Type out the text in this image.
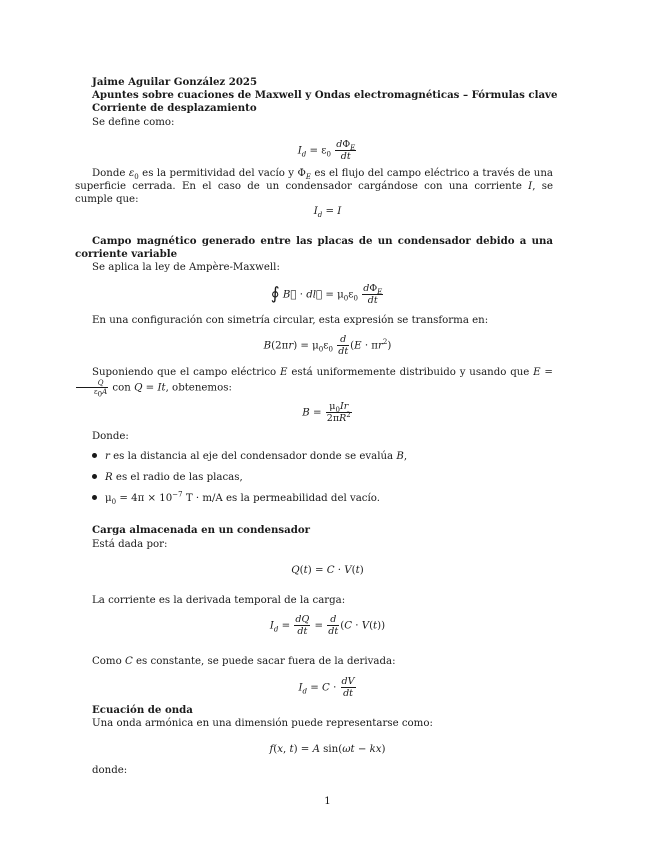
Jaime Aguilar González 2025
Apuntes sobre cuaciones de Maxwell y Ondas electromagnéticas – Fórmulas clave
Corriente de desplazamiento
Se define como:
$I_d = \varepsilon_0 \frac{d\Phi_E}{dt}$
Donde $\varepsilon_0$ es la permitividad del vacío y $\Phi_E$ es el flujo del campo eléctrico a través de una superficie cerrada. En el caso de un condensador cargándose con una corriente I, se cumple que:
$I_d = I$
Campo magnético generado entre las placas de un condensador debido a una corriente variable
Se aplica la ley de Ampère-Maxwell:
∮ B⃗ · dl⃗ = $\mu_0\varepsilon_0 \frac{d\Phi_E}{dt}$
En una configuración con simetría circular, esta expresión se transforma en:
$B(2\pi r) = \mu_0\varepsilon_0 \frac{d}{dt} (E \cdot \pi r^2)$
Suponiendo que el campo eléctrico E está uniformemente distribuido y usando que E =
$\frac{Q}{\varepsilon_0A}$ con Q = It, obtenemos:
$B = \frac{\mu_0Ir}{2\pi R^2}$
Donde:
r es la distancia al eje del condensador donde se evalúa B,
R es el radio de las placas,
$\mu_0 = 4\pi \times 10^{-7}$ T · m/A es la permeabilidad del vacío.
Carga almacenada en un condensador
Está dada por:
Q(t) = C · V(t)
La corriente es la derivada temporal de la carga:
$I_d = \frac{dQ}{dt} = \frac{d}{dt} (C \cdot V(t))$
Como C es constante, se puede sacar fuera de la derivada:
$I_d = C \cdot \frac{dV}{dt}$
Ecuación de onda
Una onda armónica en una dimensión puede representarse como:
f(x, t) = A sin(ωt − kx)
donde:
1
